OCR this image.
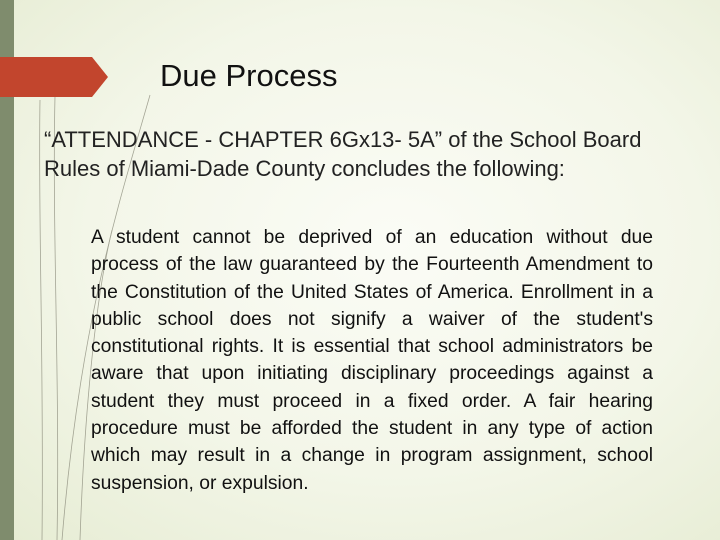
Due Process

“ATTENDANCE - CHAPTER 6Gx13- 5A” of the School Board Rules of Miami-Dade County concludes the following:

A student cannot be deprived of an education without due process of the law guaranteed by the Fourteenth Amendment to the Constitution of the United States of America. Enrollment in a public school does not signify a waiver of the student's constitutional rights. It is essential that school administrators be aware that upon initiating disciplinary proceedings against a student they must proceed in a fixed order. A fair hearing procedure must be afforded the student in any type of action which may result in a change in program assignment, school suspension, or expulsion.
